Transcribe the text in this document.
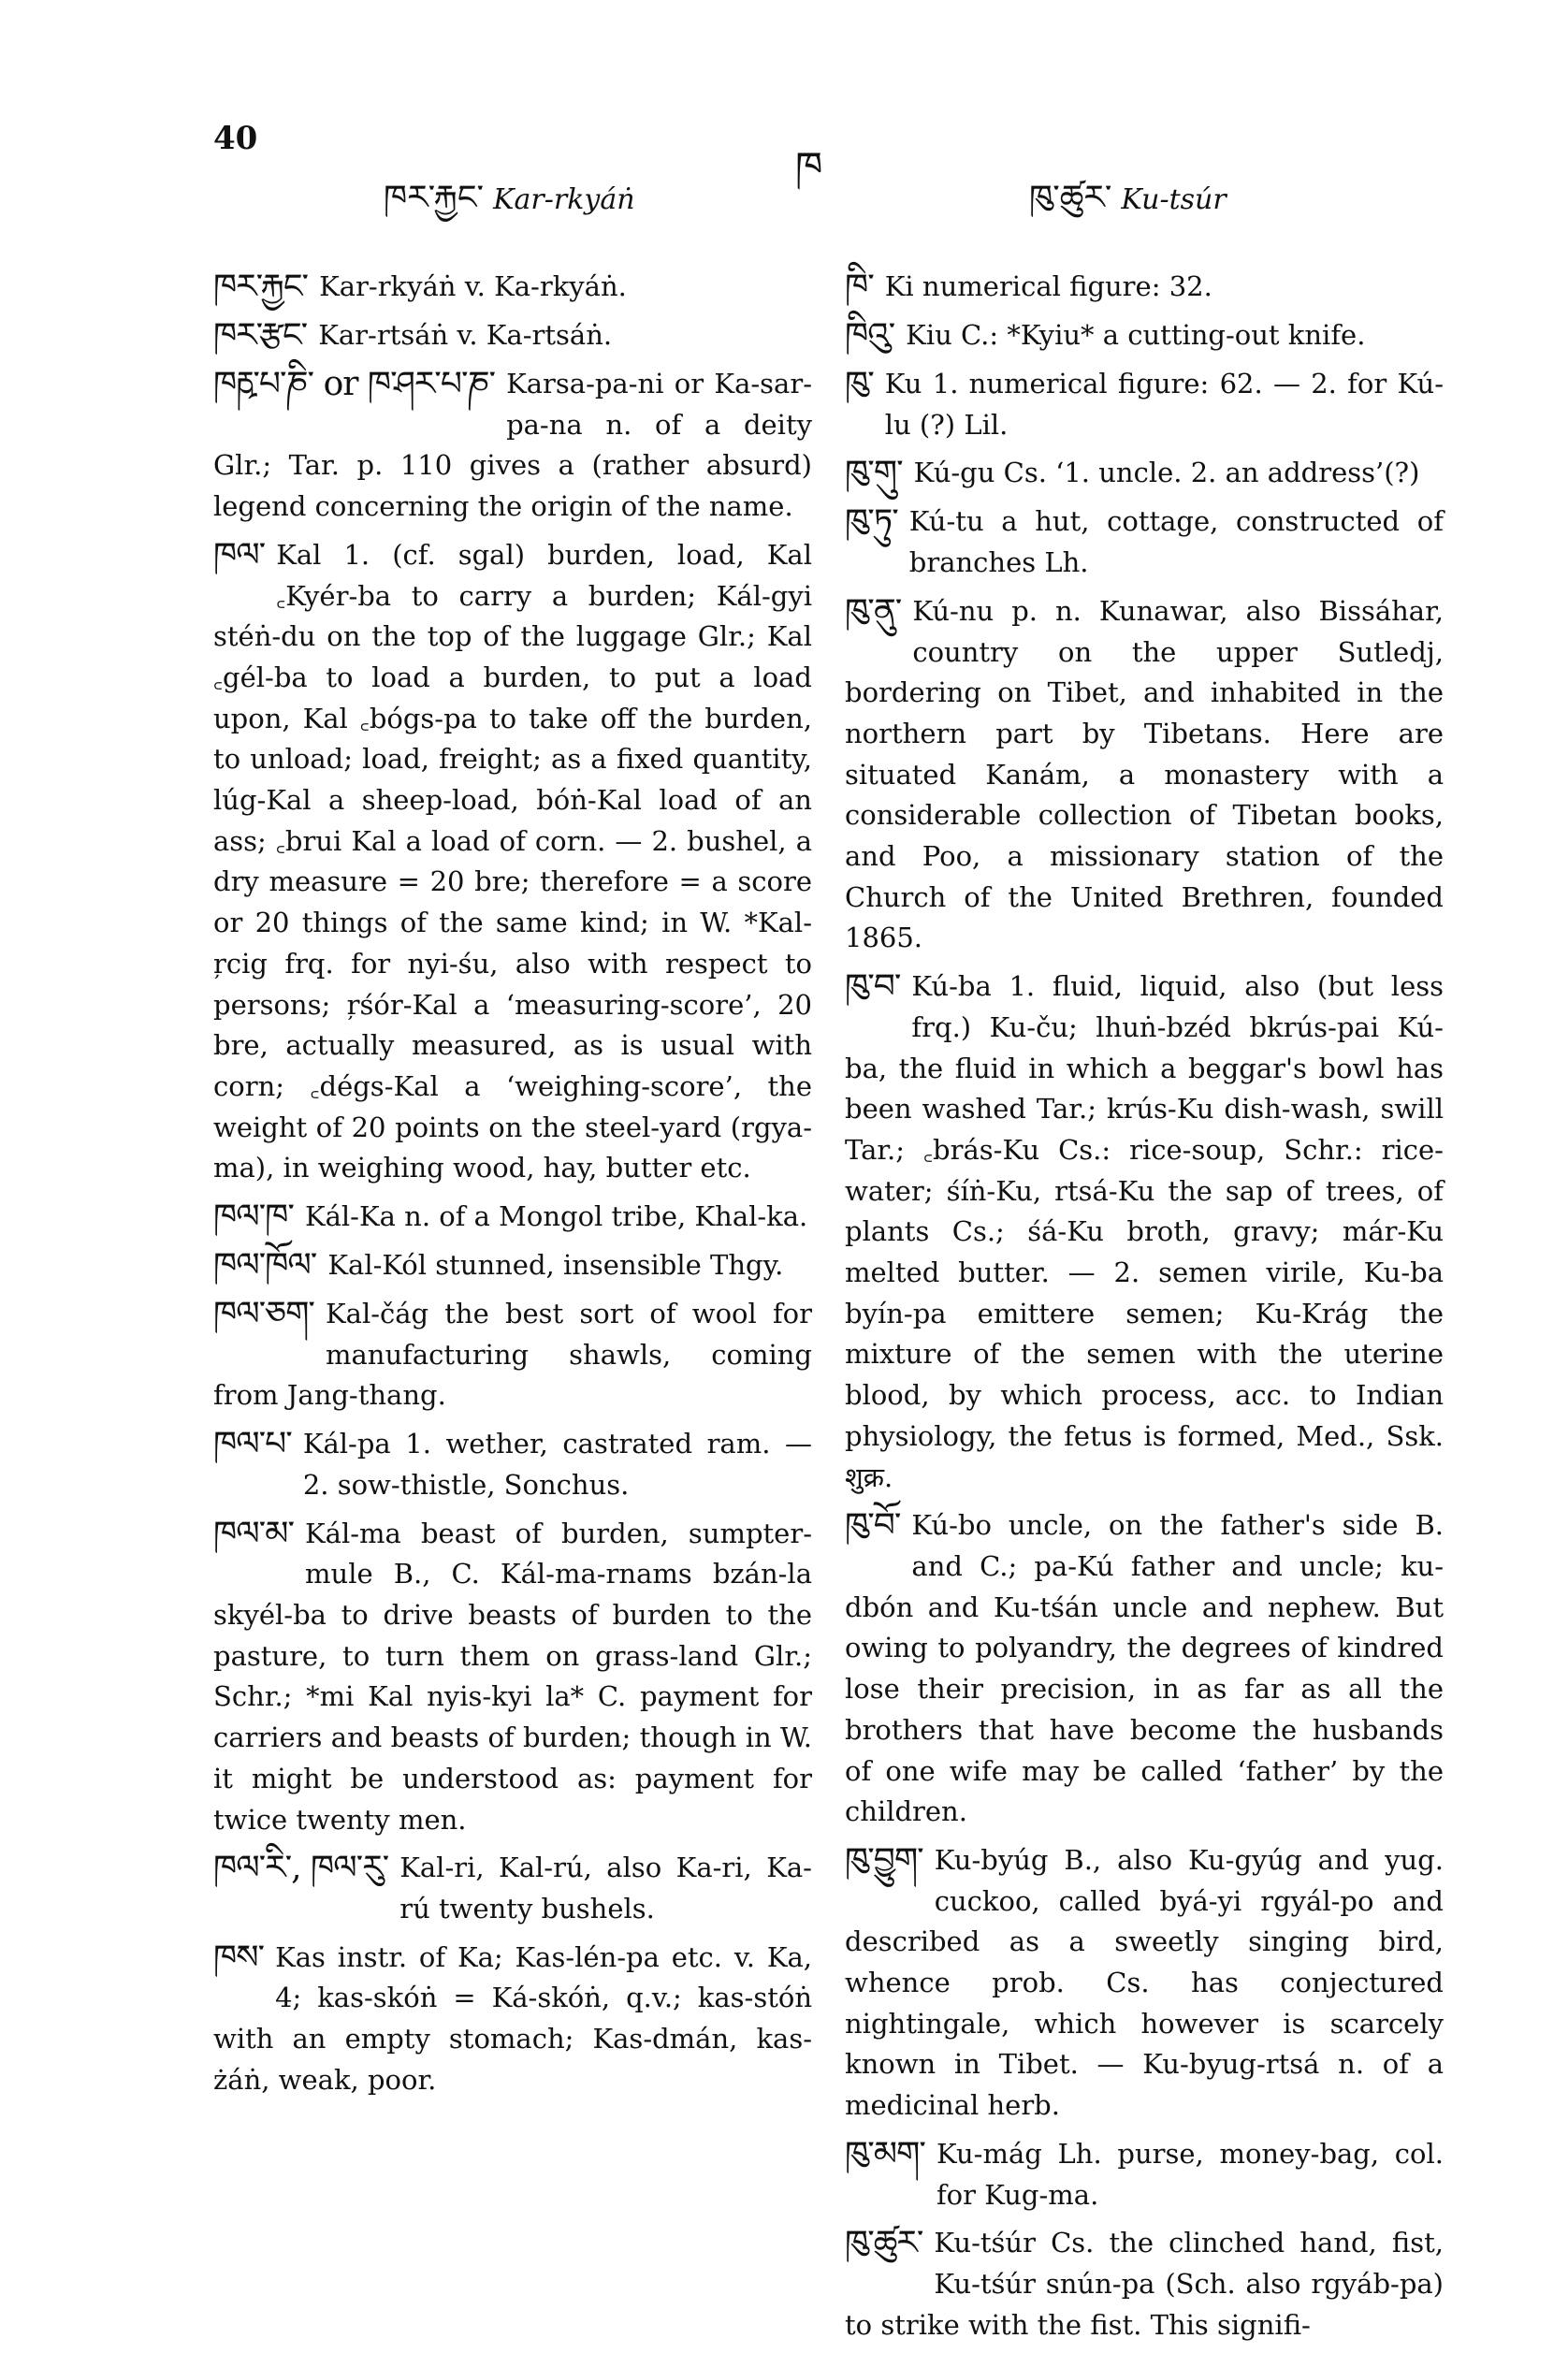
40
ཁར་རྐྱང་ Kar-rkyáṅ
ཁ
ཁུ་ཚུར་ Ku-tsúr
ཁར་རྐྱང་ Kar-rkyáṅ v. Ka-rkyáṅ.
ཁར་རྩང་ Kar-rtsáṅ v. Ka-rtsáṅ.
ཁརྵ་པ་ཎི་ or ཁ་ཤར་པ་ཎ་ Karsa-pa-ni or Ka-sar-pa-na n. of a deity Glr.; Tar. p. 110 gives a (rather absurd) legend concerning the origin of the name.
ཁལ་ Kal 1. (cf. sgal) burden, load, Kal ꜀Kyér-ba to carry a burden; Kál-gyi stéṅ-du on the top of the luggage Glr.; Kal ꜀gél-ba to load a burden, to put a load upon, Kal ꜀bógs-pa to take off the burden, to unload; load, freight; as a fixed quantity, lúg-Kal a sheep-load, bóṅ-Kal load of an ass; ꜀brui Kal a load of corn. — 2. bushel, a dry measure = 20 bre; therefore = a score or 20 things of the same kind; in W. *Kal-ŗcig frq. for nyi-śu, also with respect to persons; ŗśór-Kal a ‘measuring-score’, 20 bre, actually measured, as is usual with corn; ꜀dégs-Kal a ‘weighing-score’, the weight of 20 points on the steel-yard (rgya-ma), in weighing wood, hay, butter etc.
ཁལ་ཁ་ Kál-Ka n. of a Mongol tribe, Khal-ka.
ཁལ་ཁོལ་ Kal-Kól stunned, insensible Thgy.
ཁལ་ཅག་ Kal-čág the best sort of wool for manufacturing shawls, coming from Jang-thang.
ཁལ་པ་ Kál-pa 1. wether, castrated ram. — 2. sow-thistle, Sonchus.
ཁལ་མ་ Kál-ma beast of burden, sumpter-mule B., C. Kál-ma-rnams bzán-la skyél-ba to drive beasts of burden to the pasture, to turn them on grass-land Glr.; Schr.; *mi Kal nyis-kyi la* C. payment for carriers and beasts of burden; though in W. it might be understood as: payment for twice twenty men.
ཁལ་རི་, ཁལ་རུ་ Kal-ri, Kal-rú, also Ka-ri, Ka-rú twenty bushels.
ཁས་ Kas instr. of Ka; Kas-lén-pa etc. v. Ka, 4; kas-skóṅ = Ká-skóṅ, q.v.; kas-stóṅ with an empty stomach; Kas-dmán, kas-żáṅ, weak, poor.
ཁི་ Ki numerical figure: 32.
ཁིའུ་ Kiu C.: *Kyiu* a cutting-out knife.
ཁུ་ Ku 1. numerical figure: 62. — 2. for Kú-lu (?) Lil.
ཁུ་གུ་ Kú-gu Cs. ‘1. uncle. 2. an address’(?)
ཁུ་ཏུ་ Kú-tu a hut, cottage, constructed of branches Lh.
ཁུ་ནུ་ Kú-nu p. n. Kunawar, also Bissáhar, country on the upper Sutledj, bordering on Tibet, and inhabited in the northern part by Tibetans. Here are situated Kanám, a monastery with a considerable collection of Tibetan books, and Poo, a missionary station of the Church of the United Brethren, founded 1865.
ཁུ་བ་ Kú-ba 1. fluid, liquid, also (but less frq.) Ku-ču; lhuṅ-bzéd bkrús-pai Kú-ba, the fluid in which a beggar's bowl has been washed Tar.; krús-Ku dish-wash, swill Tar.; ꜀brás-Ku Cs.: rice-soup, Schr.: rice-water; śíṅ-Ku, rtsá-Ku the sap of trees, of plants Cs.; śá-Ku broth, gravy; már-Ku melted butter. — 2. semen virile, Ku-ba byín-pa emittere semen; Ku-Krág the mixture of the semen with the uterine blood, by which process, acc. to Indian physiology, the fetus is formed, Med., Ssk. शुक्र.
ཁུ་བོ་ Kú-bo uncle, on the father's side B. and C.; pa-Kú father and uncle; ku-dbón and Ku-tśán uncle and nephew. But owing to polyandry, the degrees of kindred lose their precision, in as far as all the brothers that have become the husbands of one wife may be called ‘father’ by the children.
ཁུ་བྱུག་ Ku-byúg B., also Ku-gyúg and yug. cuckoo, called byá-yi rgyál-po and described as a sweetly singing bird, whence prob. Cs. has conjectured nightingale, which however is scarcely known in Tibet. — Ku-byug-rtsá n. of a medicinal herb.
ཁུ་མག་ Ku-mág Lh. purse, money-bag, col. for Kug-ma.
ཁུ་ཚུར་ Ku-tśúr Cs. the clinched hand, fist, Ku-tśúr snún-pa (Sch. also rgyáb-pa) to strike with the fist. This signifi-
